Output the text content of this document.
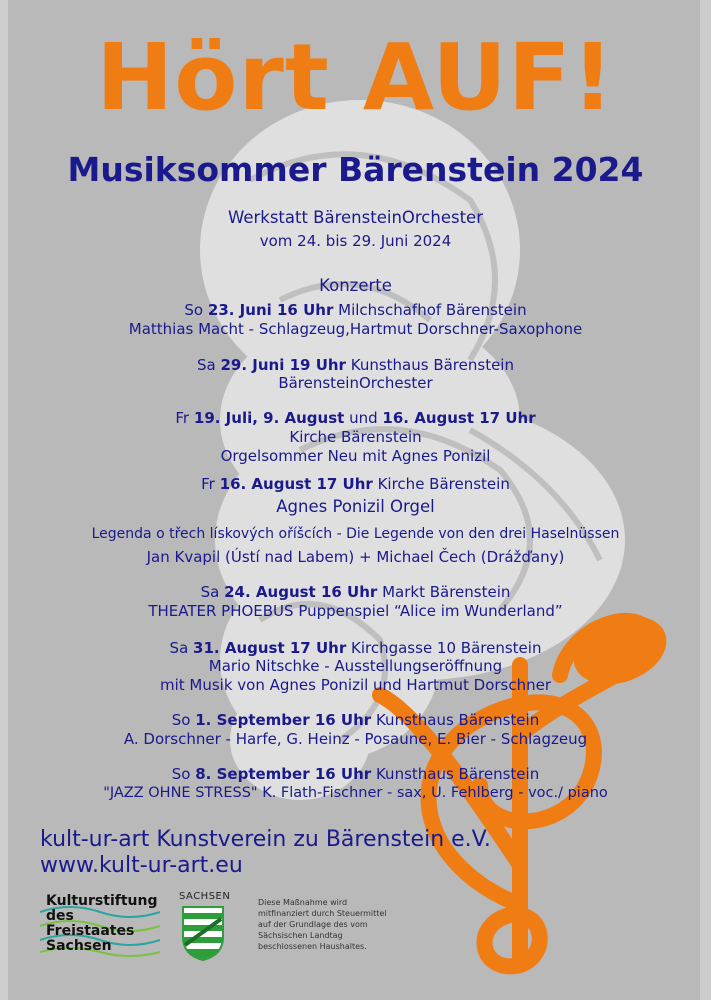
Hört AUF!
Musiksommer Bärenstein 2024
Werkstatt BärensteinOrchester
vom 24. bis 29. Juni 2024
Konzerte
So 23. Juni 16 Uhr Milchschafhof Bärenstein
Matthias Macht - Schlagzeug,Hartmut Dorschner-Saxophone
Sa 29. Juni 19 Uhr Kunsthaus Bärenstein
BärensteinOrchester
Fr 19. Juli, 9. August und 16. August 17 Uhr
Kirche Bärenstein
Orgelsommer Neu mit Agnes Ponizil
Fr 16. August 17 Uhr Kirche Bärenstein
Agnes Ponizil Orgel
Legenda o třech lískových oříšcích - Die Legende von den drei Haselnüssen
Jan Kvapil (Ústí nad Labem) + Michael Čech (Drážďany)
Sa 24. August 16 Uhr Markt Bärenstein
THEATER PHOEBUS Puppenspiel “Alice im Wunderland”
Sa 31. August 17 Uhr Kirchgasse 10 Bärenstein
Mario Nitschke - Ausstellungseröffnung
mit Musik von Agnes Ponizil und Hartmut Dorschner
So 1. September 16 Uhr Kunsthaus Bärenstein
A. Dorschner - Harfe, G. Heinz - Posaune, E. Bier - Schlagzeug
So 8. September 16 Uhr Kunsthaus Bärenstein
"JAZZ OHNE STRESS" K. Flath-Fischner - sax, U. Fehlberg - voc./ piano
kult-ur-art Kunstverein zu Bärenstein e.V.
www.kult-ur-art.eu
Kulturstiftung
des
Freistaates
Sachsen
SACHSEN
Diese Maßnahme wird mitfinanziert durch Steuermittel auf der Grundlage des vom Sächsischen Landtag beschlossenen Haushaltes.
